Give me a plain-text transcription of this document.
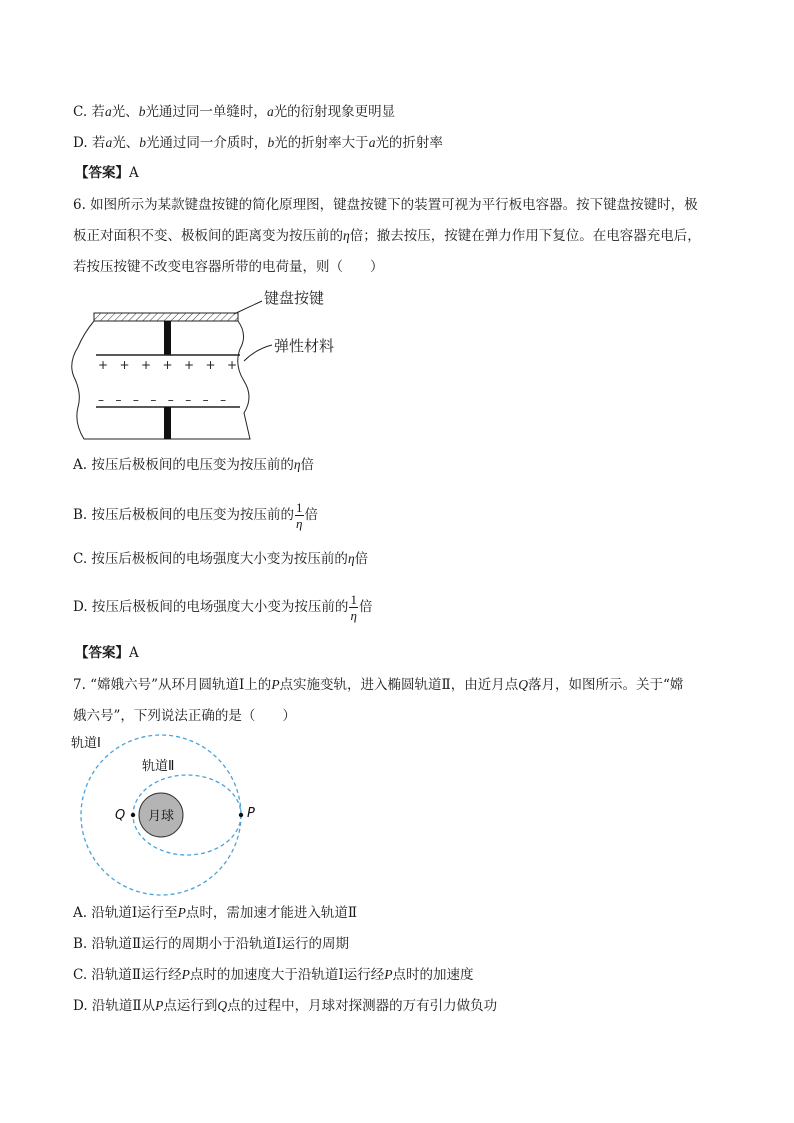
C. 若a光、b光通过同一单缝时，a光的衍射现象更明显
D. 若a光、b光通过同一介质时，b光的折射率大于a光的折射率
【答案】A
6. 如图所示为某款键盘按键的简化原理图，键盘按键下的装置可视为平行板电容器。按下键盘按键时，极
板正对面积不变、极板间的距离变为按压前的η倍；撤去按压，按键在弹力作用下复位。在电容器充电后，
若按压按键不改变电容器所带的电荷量，则（　　）
+   +   +   +   +   +   +
–   –   –   –   –   –   –   –
键盘按键
弹性材料
A. 按压后极板间的电压变为按压前的η倍
B. 按压后极板间的电压变为按压前的 $\frac{1}{\eta}$ 倍
C. 按压后极板间的电场强度大小变为按压前的η倍
D. 按压后极板间的电场强度大小变为按压前的 $\frac{1}{\eta}$ 倍
【答案】A
7. “嫦娥六号”从环月圆轨道Ⅰ上的P点实施变轨，进入椭圆轨道Ⅱ，由近月点Q落月，如图所示。关于“嫦
娥六号”，下列说法正确的是（　　）
月球
Q	P
轨道Ⅰ
轨道Ⅱ
A. 沿轨道Ⅰ运行至P点时，需加速才能进入轨道Ⅱ
B. 沿轨道Ⅱ运行的周期小于沿轨道Ⅰ运行的周期
C. 沿轨道Ⅱ运行经P点时的加速度大于沿轨道Ⅰ运行经P点时的加速度
D. 沿轨道Ⅱ从P点运行到Q点的过程中，月球对探测器的万有引力做负功
